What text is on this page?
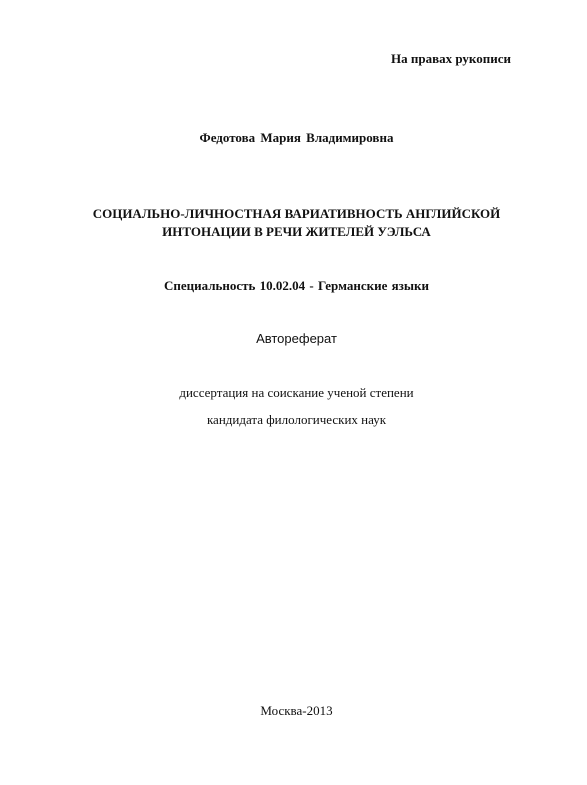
На правах рукописи
Федотова Мария Владимировна
СОЦИАЛЬНО-ЛИЧНОСТНАЯ ВАРИАТИВНОСТЬ АНГЛИЙСКОЙ
ИНТОНАЦИИ В РЕЧИ ЖИТЕЛЕЙ УЭЛЬСА
Специальность 10.02.04 - Германские языки
Автореферат
диссертация на соискание ученой степени
кандидата филологических наук
Москва-2013
